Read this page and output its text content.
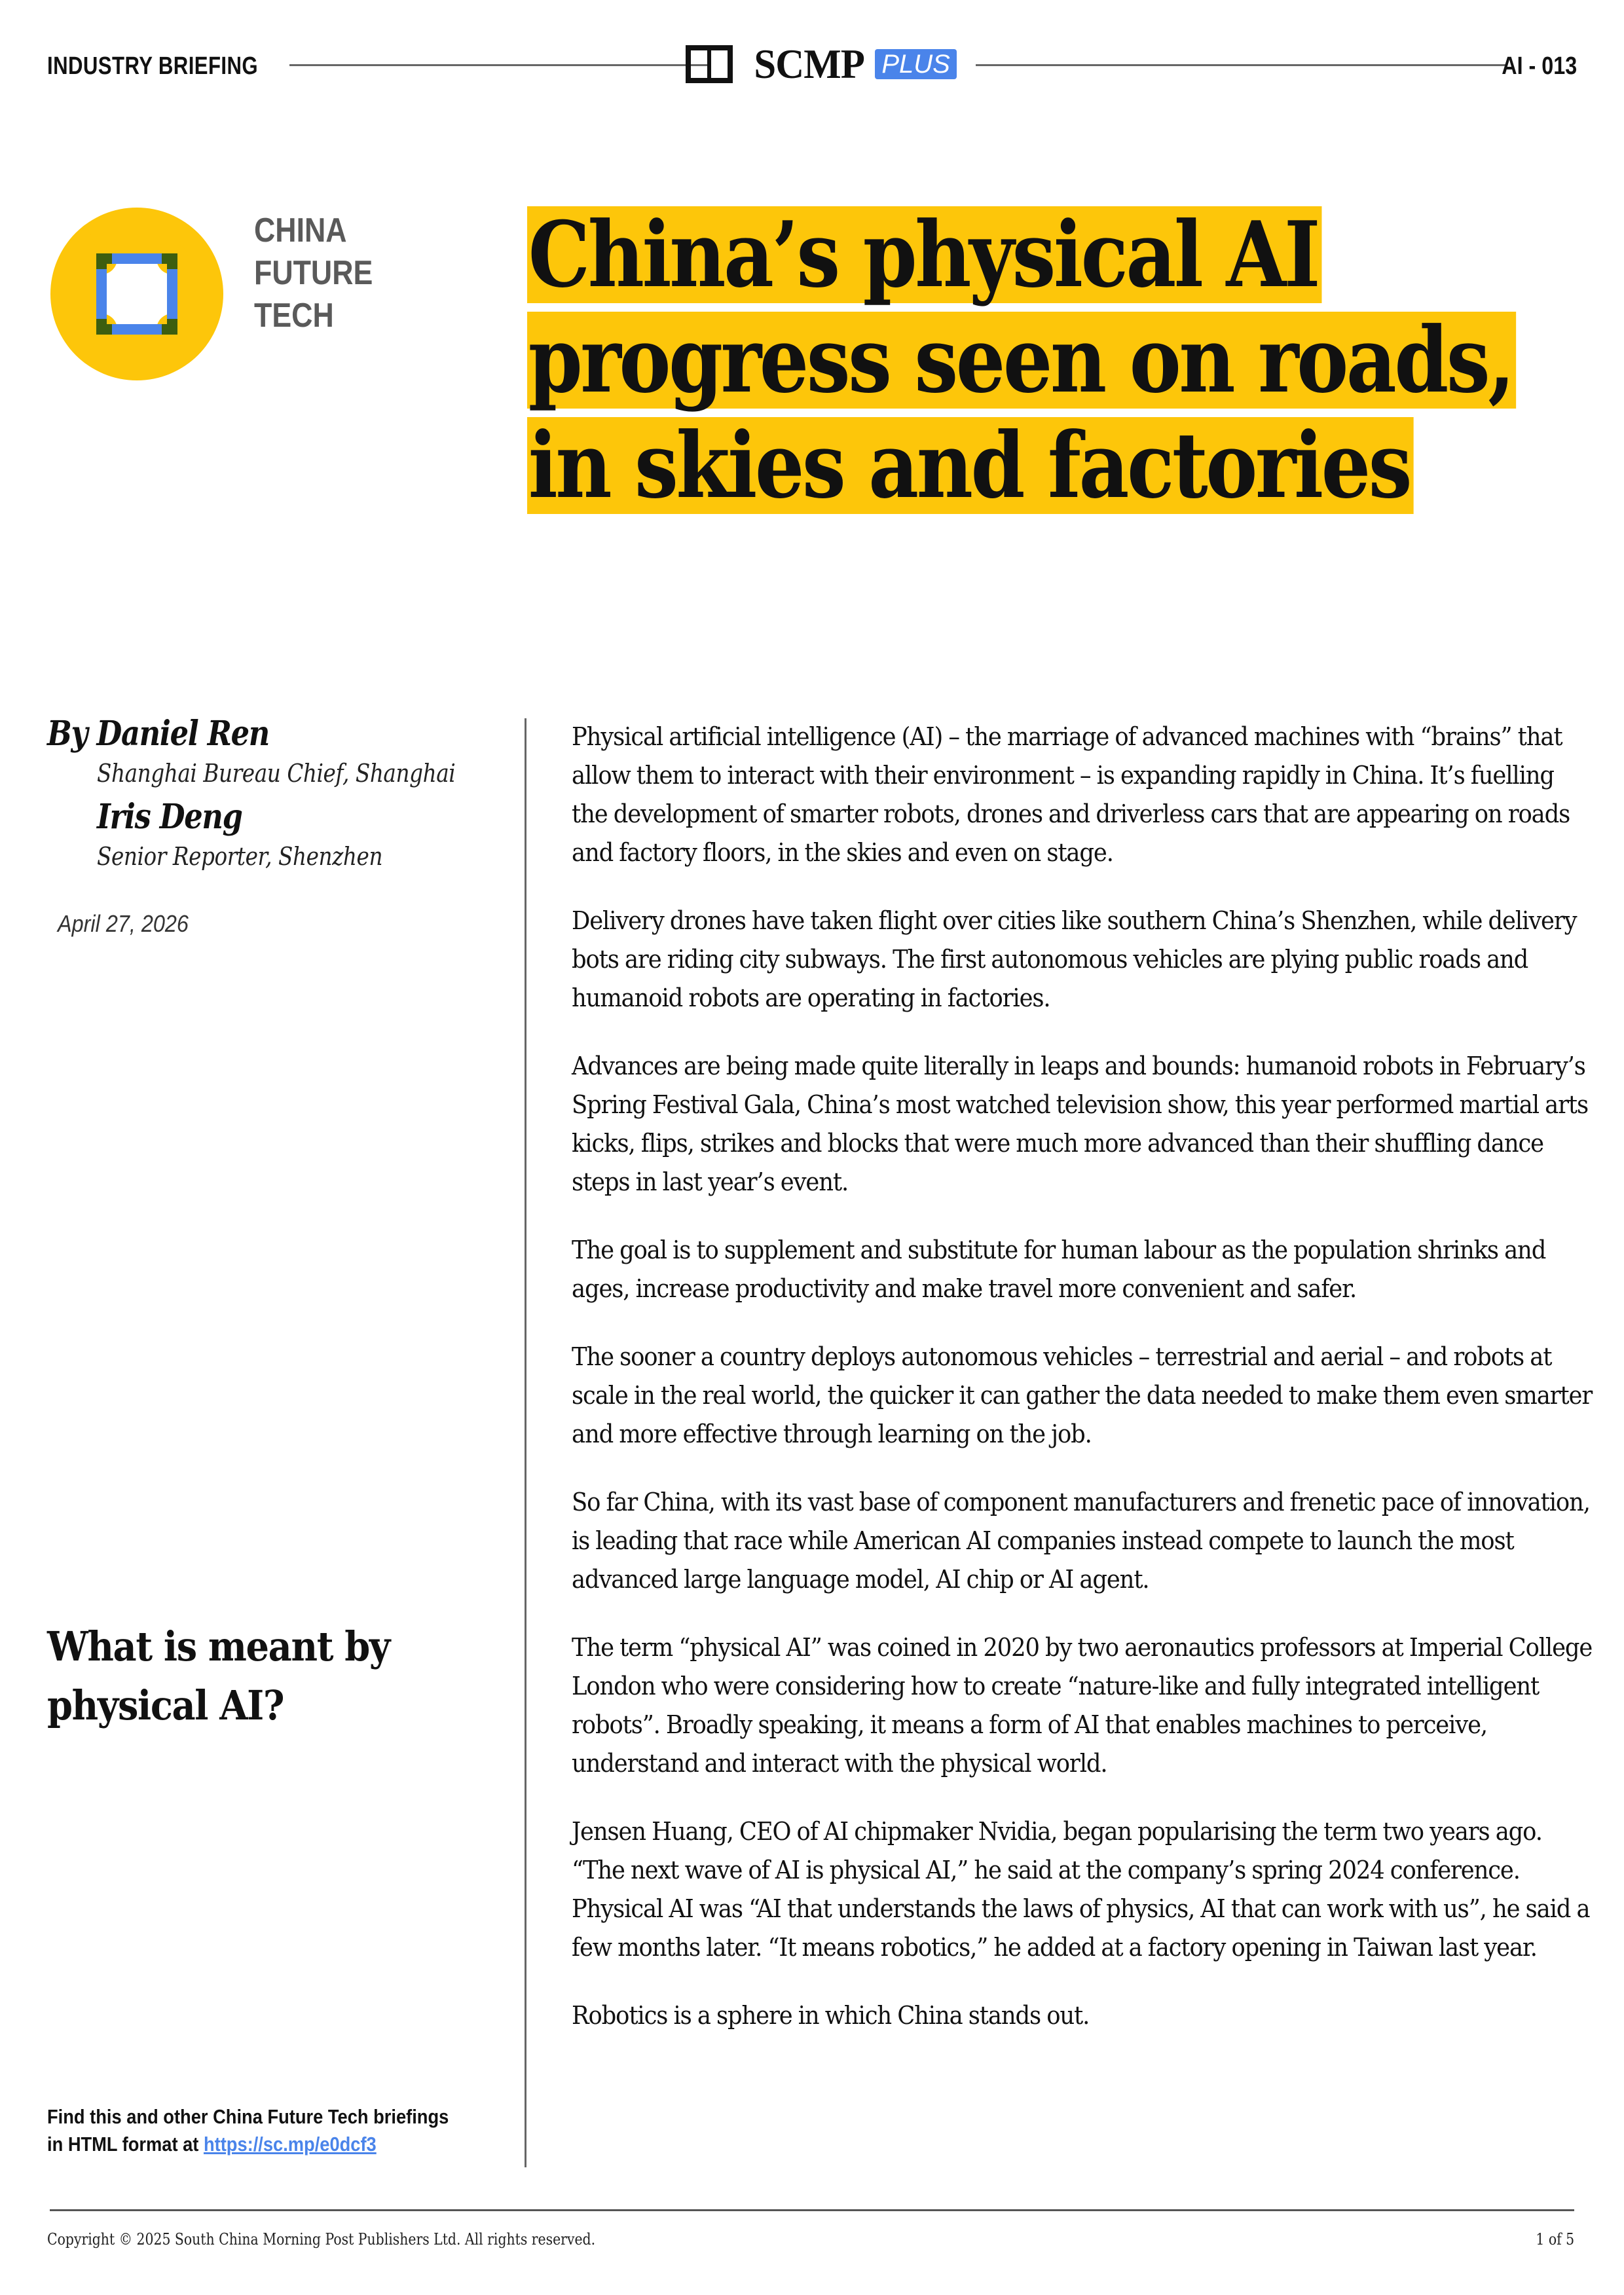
INDUSTRY BRIEFING	SCMP PLUS	AI - 013
CHINA
FUTURE
TECH
China’s physical AI
progress seen on roads,
in skies and factories
By Daniel Ren
Shanghai Bureau Chief, Shanghai
Iris Deng
Senior Reporter, Shenzhen
April 27, 2026
What is meant by physical AI?
Find this and other China Future Tech briefings
in HTML format at https://sc.mp/e0dcf3

Physical artificial intelligence (AI) – the marriage of advanced machines with “brains” that allow them to interact with their environment – is expanding rapidly in China. It’s fuelling the development of smarter robots, drones and driverless cars that are appearing on roads and factory floors, in the skies and even on stage.

Delivery drones have taken flight over cities like southern China’s Shenzhen, while delivery bots are riding city subways. The first autonomous vehicles are plying public roads and humanoid robots are operating in factories.

Advances are being made quite literally in leaps and bounds: humanoid robots in February’s Spring Festival Gala, China’s most watched television show, this year performed martial arts kicks, flips, strikes and blocks that were much more advanced than their shuffling dance steps in last year’s event.

The goal is to supplement and substitute for human labour as the population shrinks and ages, increase productivity and make travel more convenient and safer.

The sooner a country deploys autonomous vehicles – terrestrial and aerial – and robots at scale in the real world, the quicker it can gather the data needed to make them even smarter and more effective through learning on the job.

So far China, with its vast base of component manufacturers and frenetic pace of innovation, is leading that race while American AI companies instead compete to launch the most advanced large language model, AI chip or AI agent.

The term “physical AI” was coined in 2020 by two aeronautics professors at Imperial College London who were considering how to create “nature-like and fully integrated intelligent robots”. Broadly speaking, it means a form of AI that enables machines to perceive, understand and interact with the physical world.

Jensen Huang, CEO of AI chipmaker Nvidia, began popularising the term two years ago. “The next wave of AI is physical AI,” he said at the company’s spring 2024 conference. Physical AI was “AI that understands the laws of physics, AI that can work with us”, he said a few months later. “It means robotics,” he added at a factory opening in Taiwan last year.

Robotics is a sphere in which China stands out.

Copyright © 2025 South China Morning Post Publishers Ltd. All rights reserved.	1 of 5
